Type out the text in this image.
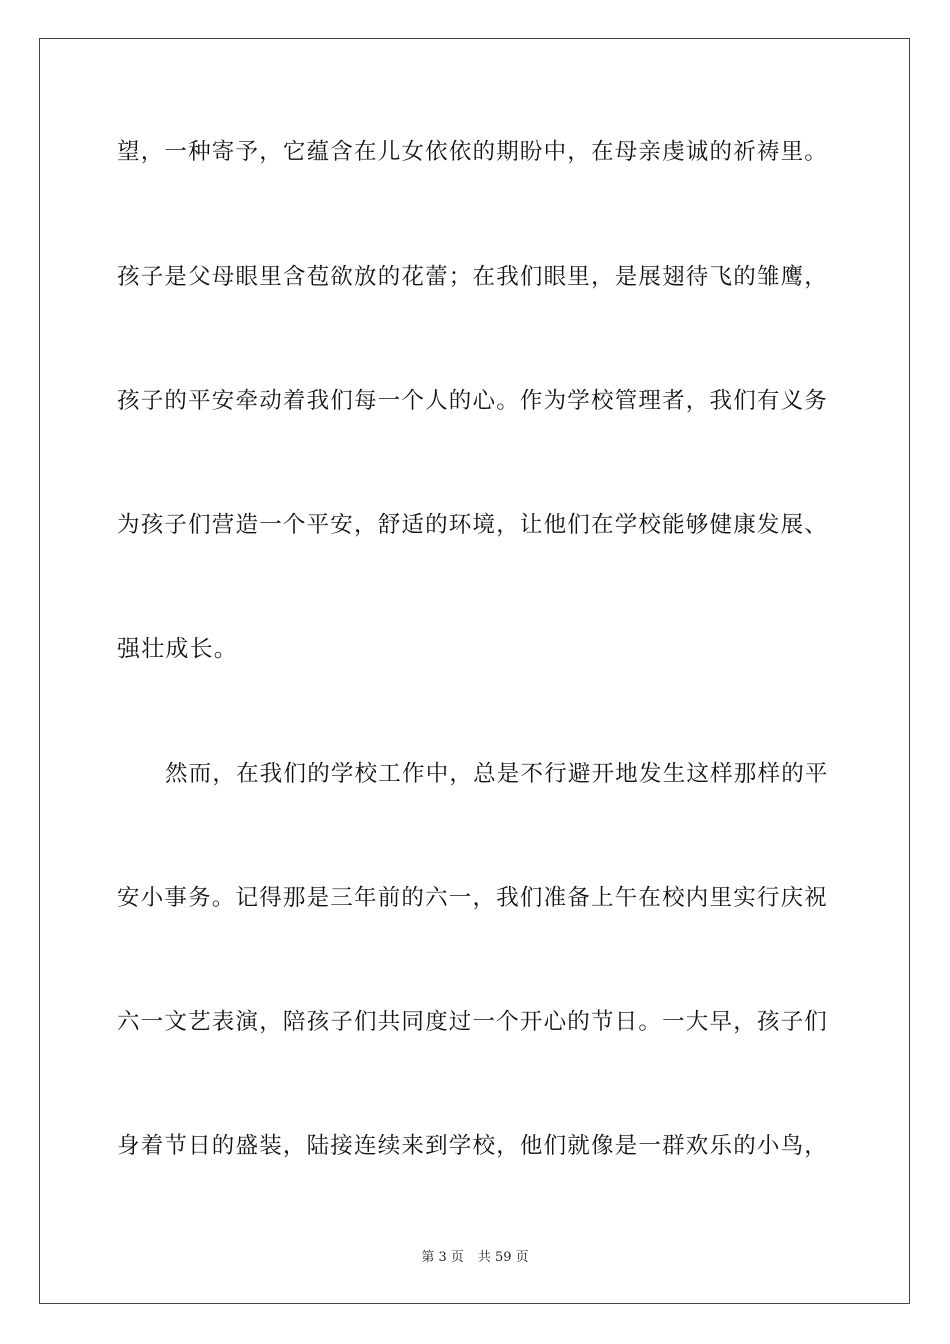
望，一种寄予，它蕴含在儿女依依的期盼中，在母亲虔诚的祈祷里。
孩子是父母眼里含苞欲放的花蕾；在我们眼里，是展翅待飞的雏鹰，
孩子的平安牵动着我们每一个人的心。作为学校管理者，我们有义务
为孩子们营造一个平安，舒适的环境，让他们在学校能够健康发展、
强壮成长。
然而，在我们的学校工作中，总是不行避开地发生这样那样的平
安小事务。记得那是三年前的六一，我们准备上午在校内里实行庆祝
六一文艺表演，陪孩子们共同度过一个开心的节日。一大早，孩子们
身着节日的盛装，陆接连续来到学校，他们就像是一群欢乐的小鸟，
第 3 页 共 59 页
